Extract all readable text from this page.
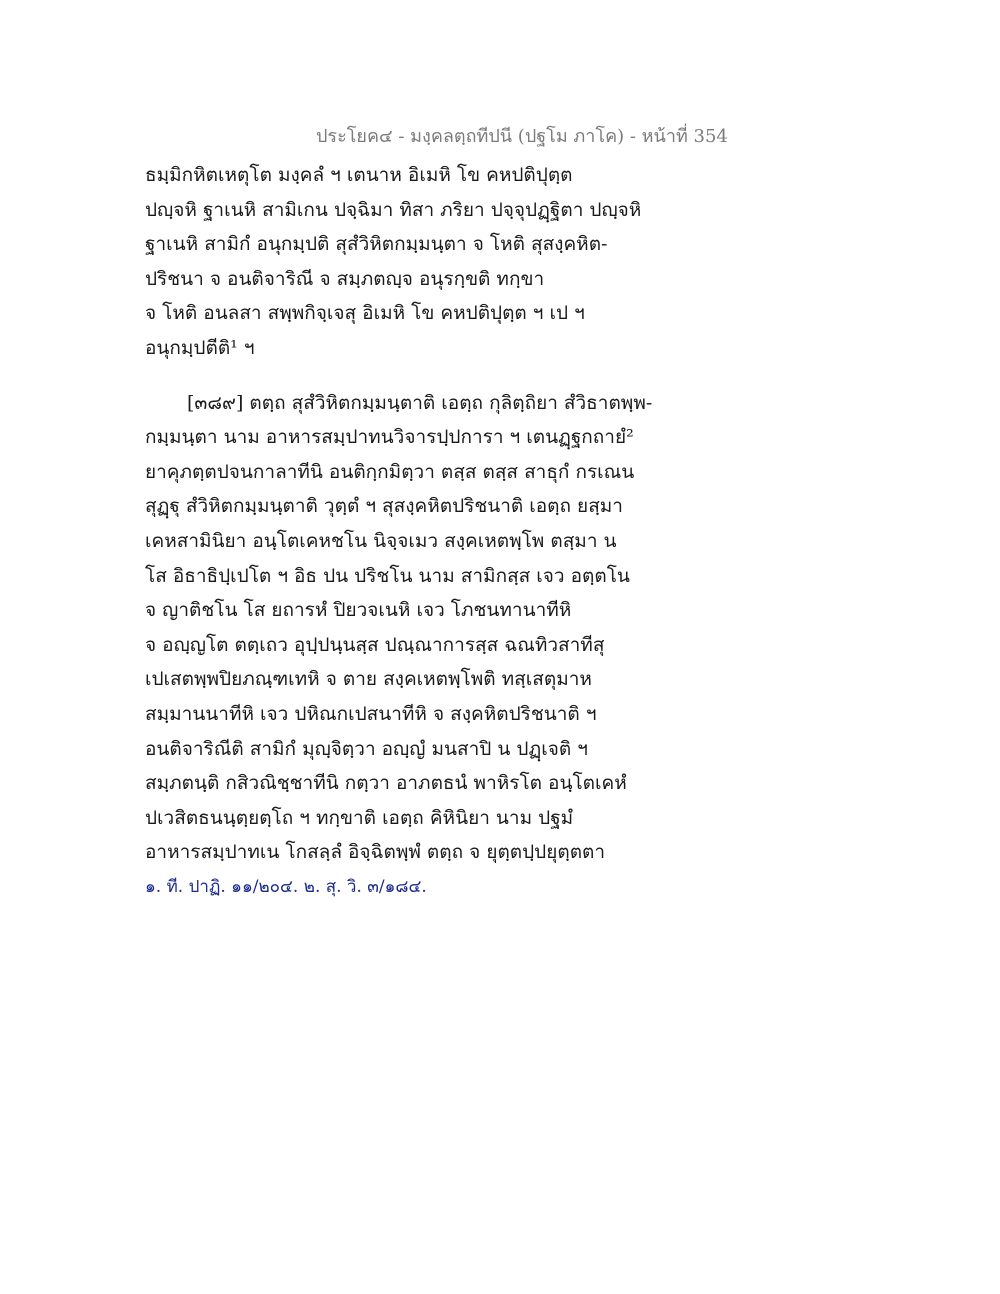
ประโยค๔ - มงฺคลตฺถทีปนี (ปฐโม ภาโค) - หน้าที่ 354
ธมฺมิกหิตเหตุโต มงฺคลํ ฯ เตนาห อิเมหิ โข คหปติปุตฺต
ปญฺจหิ ฐาเนหิ สามิเกน ปจฺฉิมา ทิสา ภริยา ปจฺจุปฏฺฐิตา ปญฺจหิ
ฐาเนหิ สามิกํ อนุกมฺปติ สุสํวิหิตกมฺมนฺตา จ โหติ สุสงฺคหิต-
ปริชนา จ อนติจาริณี จ สมฺภตญฺจ อนุรกฺขติ ทกฺขา
จ โหติ อนลสา สพฺพกิจฺเจสุ อิเมหิ โข คหปติปุตฺต ฯ เป ฯ
อนุกมฺปตีติ¹ ฯ
[๓๘๙] ตตฺถ สุสํวิหิตกมฺมนฺตาติ เอตฺถ กุลิตฺถิยา สํวิธาตพฺพ-
กมฺมนฺตา นาม อาหารสมฺปาทนวิจารปฺปการา ฯ เตนฏฺฐกถายํ²
ยาคุภตฺตปจนกาลาทีนิ อนติกฺกมิตฺวา ตสฺส ตสฺส สาธุกํ กรเณน
สุฏฺฐุ สํวิหิตกมฺมนฺตาติ วุตฺตํ ฯ สุสงฺคหิตปริชนาติ เอตฺถ ยสฺมา
เคหสามินิยา อนฺโตเคหชโน นิจฺจเมว สงฺคเหตพฺโพ ตสฺมา น
โส อิธาธิปฺเปโต ฯ อิธ ปน ปริชโน นาม สามิกสฺส เจว อตฺตโน
จ ญาติชโน โส ยถารหํ ปิยวจเนหิ เจว โภชนทานาทีหิ
จ อญฺญโต ตตฺเถว อุปฺปนฺนสฺส ปณฺณาการสฺส ฉณทิวสาทีสุ
เปเสตพฺพปิยภณฺฑเทหิ จ ตาย สงฺคเหตพฺโพติ ทสฺเสตุมาห
สมฺมานนาทีหิ เจว ปหิณกเปสนาทีหิ จ สงฺคหิตปริชนาติ ฯ
อนติจาริณีติ สามิกํ มุญฺจิตฺวา อญฺญํ มนสาปิ น ปฏฺเจติ ฯ
สมฺภตนฺติ กสิวณิชฺชาทีนิ กตฺวา อาภตธนํ พาหิรโต อนฺโตเคหํ
ปเวสิตธนนฺตฺยตฺโถ ฯ ทกฺขาติ เอตฺถ คิหินิยา นาม ปฐมํ
อาหารสมฺปาทเน โกสลฺลํ อิจฺฉิตพฺพํ ตตฺถ จ ยุตฺตปฺปยุตฺตตา
๑. ที. ปาฏิ. ๑๑/๒๐๔. ๒. สุ. วิ. ๓/๑๘๔.
